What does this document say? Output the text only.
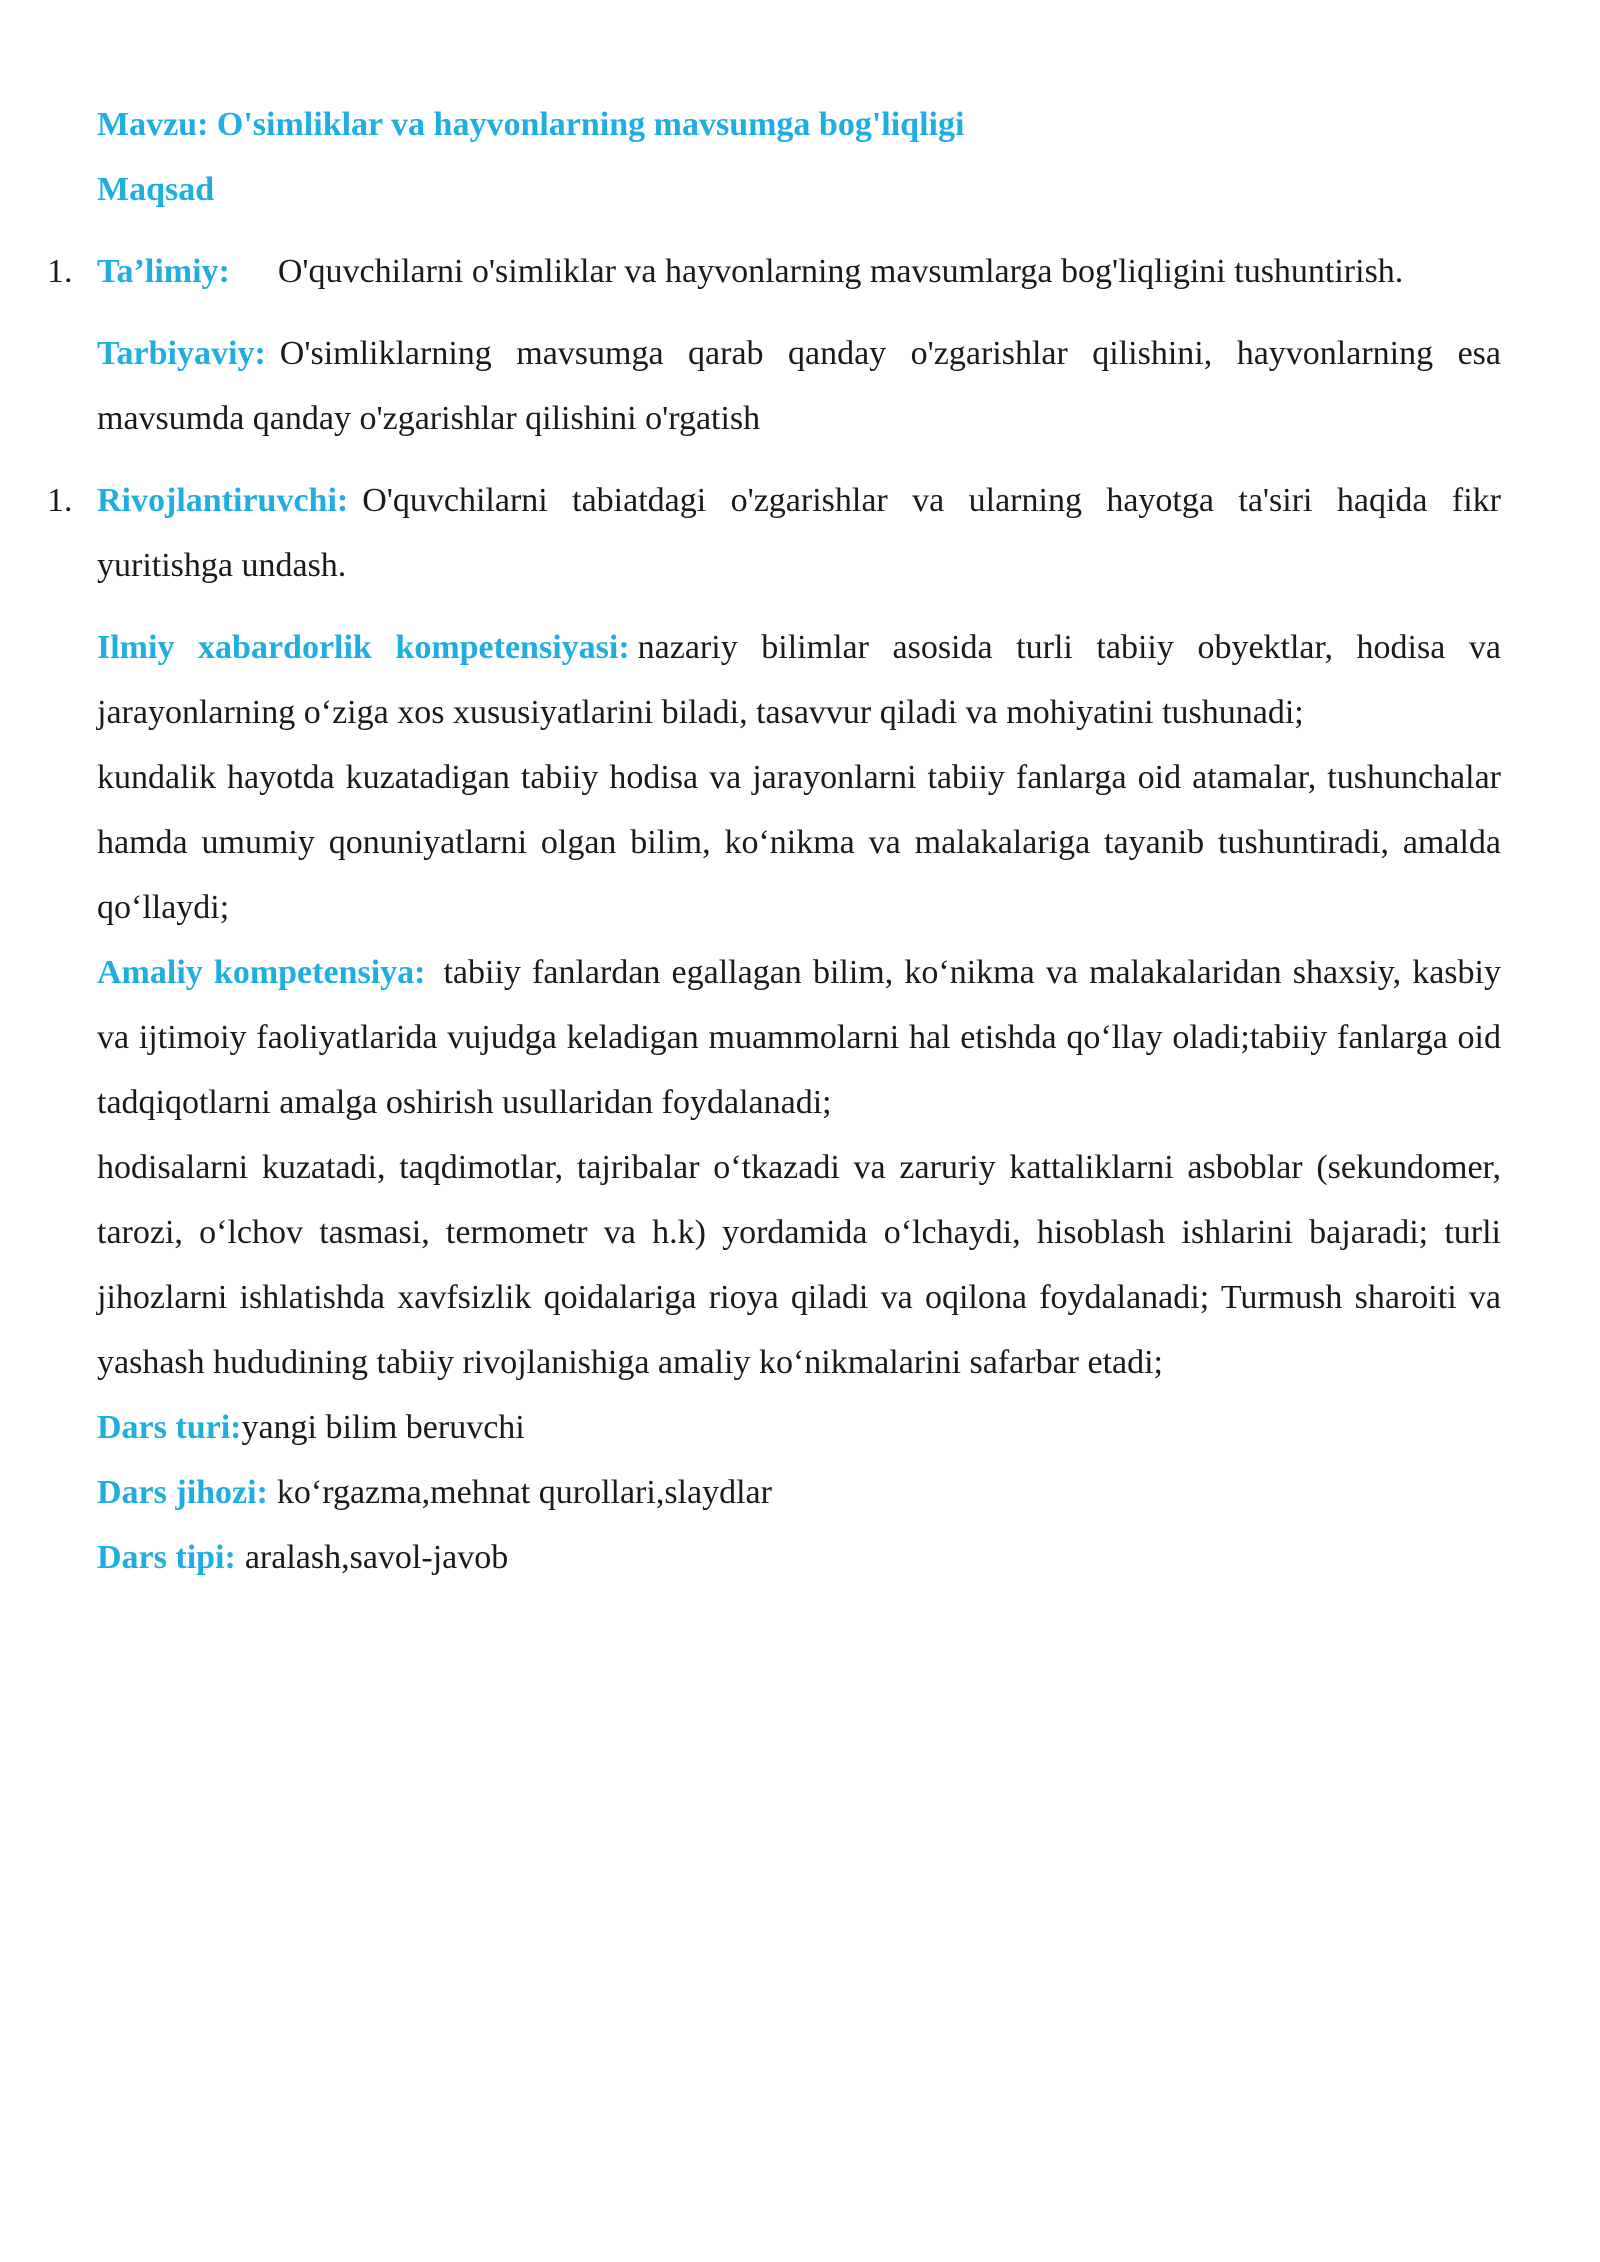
Mavzu: O'simliklar va hayvonlarning mavsumga bog'liqligi

Maqsad

1. Ta’limiy: O'quvchilarni o'simliklar va hayvonlarning mavsumlarga bog'liqligini tushuntirish.

Tarbiyaviy: O'simliklarning mavsumga qarab qanday o'zgarishlar qilishini, hayvonlarning esa mavsumda qanday o'zgarishlar qilishini o'rgatish

1. Rivojlantiruvchi: O'quvchilarni tabiatdagi o'zgarishlar va ularning hayotga ta'siri haqida fikr yuritishga undash.

Ilmiy xabardorlik kompetensiyasi: nazariy bilimlar asosida turli tabiiy obyektlar, hodisa va jarayonlarning o‘ziga xos xususiyatlarini biladi, tasavvur qiladi va mohiyatini tushunadi;

kundalik hayotda kuzatadigan tabiiy hodisa va jarayonlarni tabiiy fanlarga oid atamalar, tushunchalar hamda umumiy qonuniyatlarni olgan bilim, ko‘nikma va malakalariga tayanib tushuntiradi, amalda qo‘llaydi;

Amaliy kompetensiya: tabiiy fanlardan egallagan bilim, ko‘nikma va malakalaridan shaxsiy, kasbiy va ijtimoiy faoliyatlarida vujudga keladigan muammolarni hal etishda qo‘llay oladi;tabiiy fanlarga oid tadqiqotlarni amalga oshirish usullaridan foydalanadi;

hodisalarni kuzatadi, taqdimotlar, tajribalar o‘tkazadi va zaruriy kattaliklarni asboblar (sekundomer, tarozi, o‘lchov tasmasi, termometr va h.k) yordamida o‘lchaydi, hisoblash ishlarini bajaradi; turli jihozlarni ishlatishda xavfsizlik qoidalariga rioya qiladi va oqilona foydalanadi; Turmush sharoiti va yashash hududining tabiiy rivojlanishiga amaliy ko‘nikmalarini safarbar etadi;

Dars turi:yangi bilim beruvchi

Dars jihozi: ko‘rgazma,mehnat qurollari,slaydlar

Dars tipi: aralash,savol-javob
